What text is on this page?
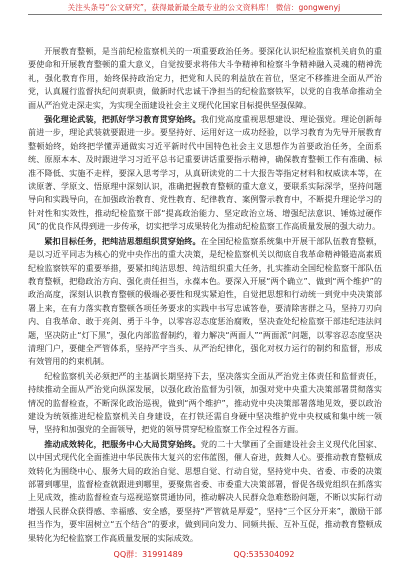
关注头条号“公文研究”，获得最新最全最专业的公文资料库！ 微信：gongwenyj

开展教育整顿，是当前纪检监察机关的一项重要政治任务。要深化认识纪检监察机关肩负的重要使命和开展教育整顿的重大意义，自觉按要求将伟大斗争精神和检察斗争精神融入灵魂的精神洗礼，强化教育作用，始终保持政治定力，把党和人民的利益放在首位，坚定不移推进全面从严治党，认真履行监督执纪问责职责，做新时代忠诚干净担当的纪检监察铁军，以党的自我革命推动全面从严治党走深走实，为实现全面建设社会主义现代化国家目标提供坚强保障。

强化理论武装，把抓好学习教育贯穿始终。我们党高度重视思想建设、理论强党。理论创新每前进一步，理论武装就要跟进一步。要坚持好、运用好这一成功经验，以学习教育为先导开展教育整顿始终，始终把学懂弄通做实习近平新时代中国特色社会主义思想作为首要政治任务，全面系统、原原本本、及时跟进学习习近平总书记重要讲话重要指示精神，确保教育整顿工作有准确、标准不降低、实施不走样，要深入思考学习，从真研读党的二十大报告等指定材料和权威读本等，在读原著、学原文、悟原理中深刻认识，准确把握教育整顿的重大意义，要联系实际深学，坚持问题导向和实践导向，在加强政治教育、党性教育、纪律教育、案例警示教育中，不断提升理论学习的针对性和实效性，推动纪检监察干部“提高政治能力、坚定政治立场、增强纪法意识、锤炼过硬作风”的优良作风得到进一步传承，切实把学习成果转化为推动纪检监察工作高质量发展的强大动力。

紧扣目标任务，把纯洁思想组织贯穿始终。在全国纪检监察系统集中开展干部队伍教育整顿，是以习近平同志为核心的党中央作出的重大决策，是纪检监察机关以彻底自我革命精神锻造高素质纪检监察铁军的重要举措，要紧扣纯洁思想、纯洁组织重大任务，扎实推动全国纪检监察干部队伍教育整顿，把稳政治方向、强化责任担当，永葆本色。要深入开展“两个确立”、做到“两个维护”的政治高度，深刻认识教育整顿的极端必要性和现实紧迫性，自觉把思想和行动统一到党中央决策部署上来，在有力落实教育整顿各项任务要求的实践中书写忠诚答卷，要清除害群之马，坚持刀刃向内、自我革命、敢于亮剑、勇于斗争，以零容忍态度惩治腐败，坚决查处纪检监察干部违纪违法问题，坚决防止“灯下黑”，强化内部监督制约，着力解决“两面人”“两面派”问题，以零容忍态度坚决清理门户，要健全严管体系，坚持严字当头、从严治纪律化，强化对权力运行的制约和监督，形成有效管用的约束机制。

纪检监察机关必须把严的主基调长期坚持下去，坚决落实全面从严治党主体责任和监督责任，持续推动全面从严治党向纵深发展，以强化政治监督为引领，加强对党中央重大决策部署贯彻落实情况的监督检查，不断深化政治巡视，做到“两个维护”，推动党中央决策部署落地见效，要以政治建设为统领推进纪检监察机关自身建设，在打铁还需自身硬中坚决维护党中央权威和集中统一领导，坚持和加强党的全面领导，把党的领导贯穿纪检监察工作全过程各方面。

推动成效转化，把服务中心大局贯穿始终。党的二十大擘画了全面建设社会主义现代化国家、以中国式现代化全面推进中华民族伟大复兴的宏伟蓝图，催人奋进，鼓舞人心。要推动教育整顿成效转化为围绕中心、服务大局的政治自觉、思想自觉、行动自觉，坚持党中央、省委、市委的决策部署到哪里，监督检查就跟进到哪里，要聚焦省委、市委重大决策部署，督促各级党组织在抓落实上见成效，推动监督检查与巡视巡察贯通协同，推动解决人民群众急难愁盼问题，不断以实际行动增强人民群众获得感、幸福感、安全感，要坚持“严管就是厚爱”，坚持“三个区分开来”，激励干部担当作为，要牢固树立“五个结合”的要求，做到同向发力、同频共振、互补互促，推动教育整顿成果转化为纪检监察工作高质量发展的实际成效。

QQ群：31991489	QQ:535304092
